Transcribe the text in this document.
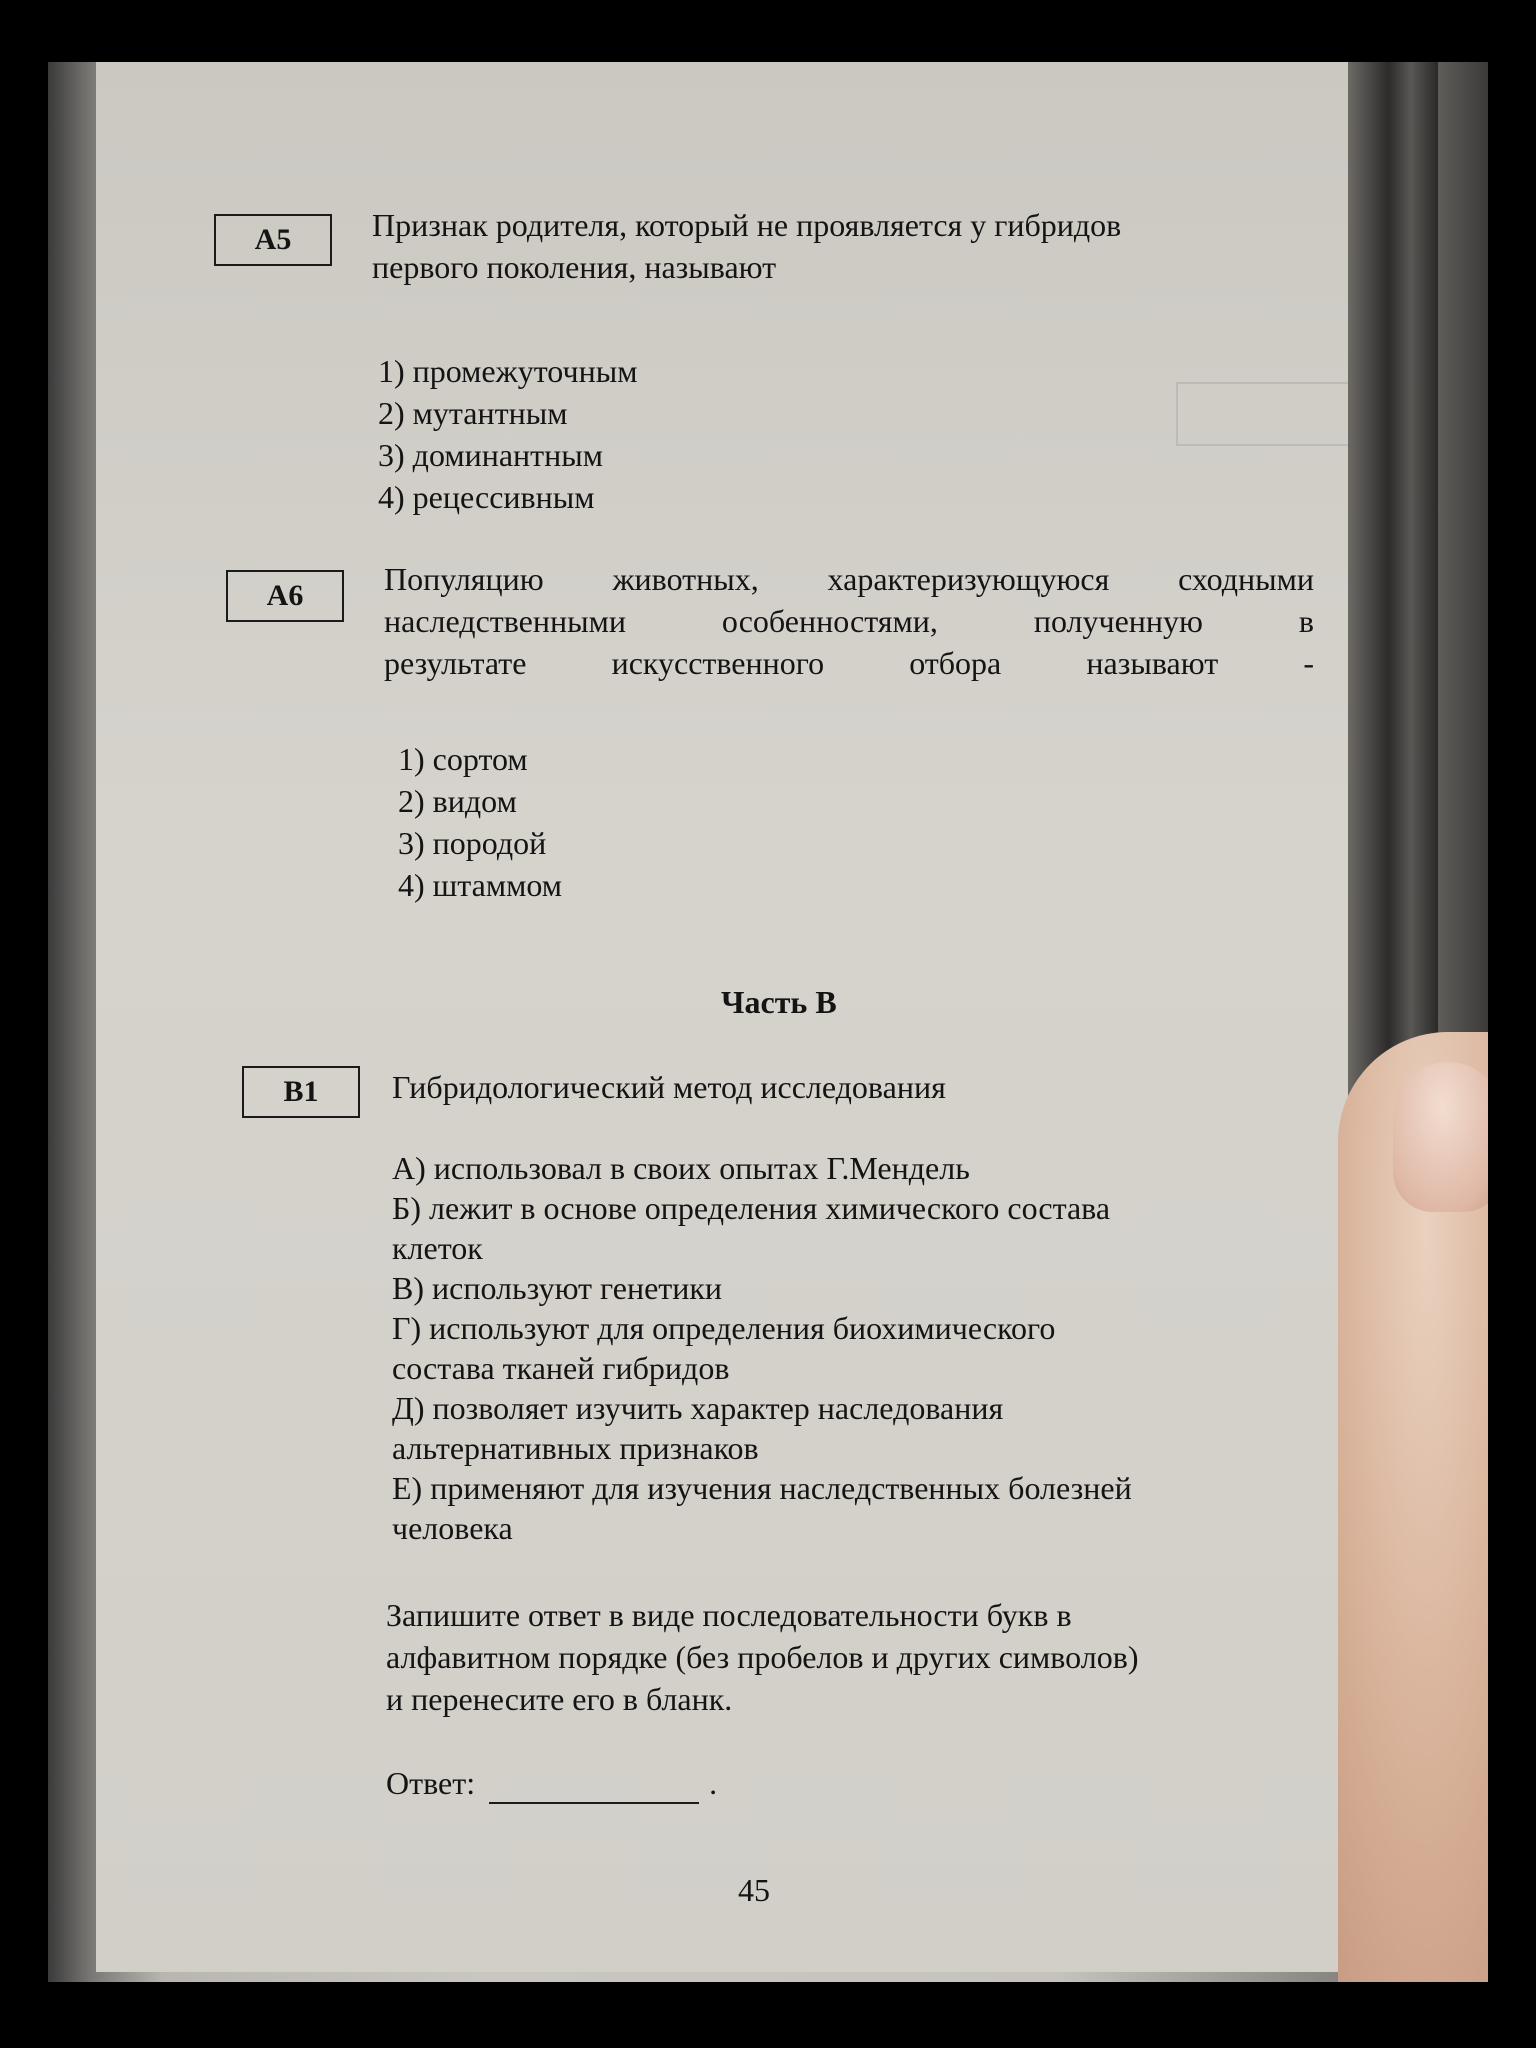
А5	Признак родителя, который не проявляется у гибридов
первого поколения, называют
1) промежуточным
2) мутантным
3) доминантным
4) рецессивным
А6	Популяцию животных, характеризующуюся сходными
наследственными особенностями, полученную в
результате искусственного отбора называют -
1) сортом
2) видом
3) породой
4) штаммом
Часть В
В1	Гибридологический метод исследования
А) использовал в своих опытах Г.Мендель
Б) лежит в основе определения химического состава
клеток
В) используют генетики
Г) используют для определения биохимического
состава тканей гибридов
Д) позволяет изучить характер наследования
альтернативных признаков
Е) применяют для изучения наследственных болезней
человека
Запишите ответ в виде последовательности букв в
алфавитном порядке (без пробелов и других символов)
и перенесите его в бланк.
Ответ:	.
45
